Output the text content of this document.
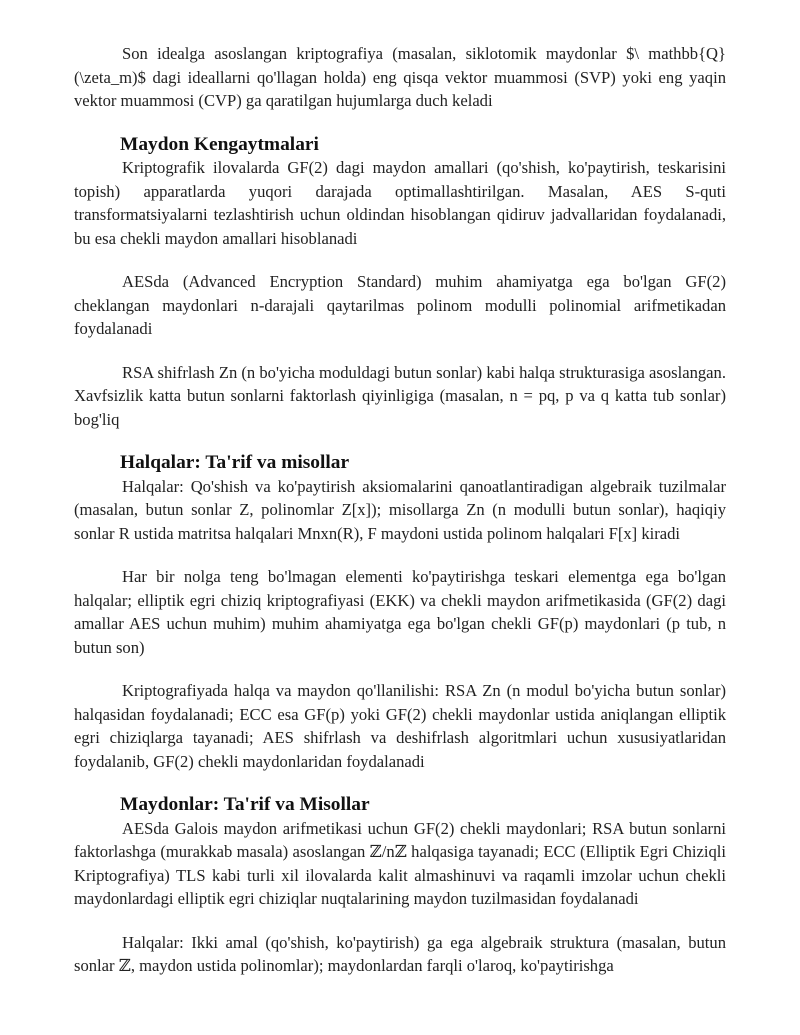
Son idealga asoslangan kriptografiya (masalan, siklotomik maydonlar $\ mathbb{Q}(\zeta_m)$ dagi ideallarni qo'llagan holda) eng qisqa vektor muammosi (SVP) yoki eng yaqin vektor muammosi (CVP) ga qaratilgan hujumlarga duch keladi

Maydon Kengaytmalari

Kriptografik ilovalarda GF(2) dagi maydon amallari (qo'shish, ko'paytirish, teskarisini topish) apparatlarda yuqori darajada optimallashtirilgan. Masalan, AES S-quti transformatsiyalarni tezlashtirish uchun oldindan hisoblangan qidiruv jadvallaridan foydalanadi, bu esa chekli maydon amallari hisoblanadi

AESda (Advanced Encryption Standard) muhim ahamiyatga ega bo'lgan GF(2) cheklangan maydonlari n-darajali qaytarilmas polinom modulli polinomial arifmetikadan foydalanadi

RSA shifrlash Zn (n bo'yicha moduldagi butun sonlar) kabi halqa strukturasiga asoslangan. Xavfsizlik katta butun sonlarni faktorlash qiyinligiga (masalan, n = pq, p va q katta tub sonlar) bog'liq

Halqalar: Ta'rif va misollar

Halqalar: Qo'shish va ko'paytirish aksiomalarini qanoatlantiradigan algebraik tuzilmalar (masalan, butun sonlar Z, polinomlar Z[x]); misollarga Zn (n modulli butun sonlar), haqiqiy sonlar R ustida matritsa halqalari Mnxn(R), F maydoni ustida polinom halqalari F[x] kiradi

Har bir nolga teng bo'lmagan elementi ko'paytirishga teskari elementga ega bo'lgan halqalar; elliptik egri chiziq kriptografiyasi (EKK) va chekli maydon arifmetikasida (GF(2) dagi amallar AES uchun muhim) muhim ahamiyatga ega bo'lgan chekli GF(p) maydonlari (p tub, n butun son)

Kriptografiyada halqa va maydon qo'llanilishi: RSA Zn (n modul bo'yicha butun sonlar) halqasidan foydalanadi; ECC esa GF(p) yoki GF(2) chekli maydonlar ustida aniqlangan elliptik egri chiziqlarga tayanadi; AES shifrlash va deshifrlash algoritmlari uchun xususiyatlaridan foydalanib, GF(2) chekli maydonlaridan foydalanadi

Maydonlar: Ta'rif va Misollar

AESda Galois maydon arifmetikasi uchun GF(2) chekli maydonlari; RSA butun sonlarni faktorlashga (murakkab masala) asoslangan ℤ/nℤ halqasiga tayanadi; ECC (Elliptik Egri Chiziqli Kriptografiya) TLS kabi turli xil ilovalarda kalit almashinuvi va raqamli imzolar uchun chekli maydonlardagi elliptik egri chiziqlar nuqtalarining maydon tuzilmasidan foydalanadi

Halqalar: Ikki amal (qo'shish, ko'paytirish) ga ega algebraik struktura (masalan, butun sonlar ℤ, maydon ustida polinomlar); maydonlardan farqli o'laroq, ko'paytirishga
